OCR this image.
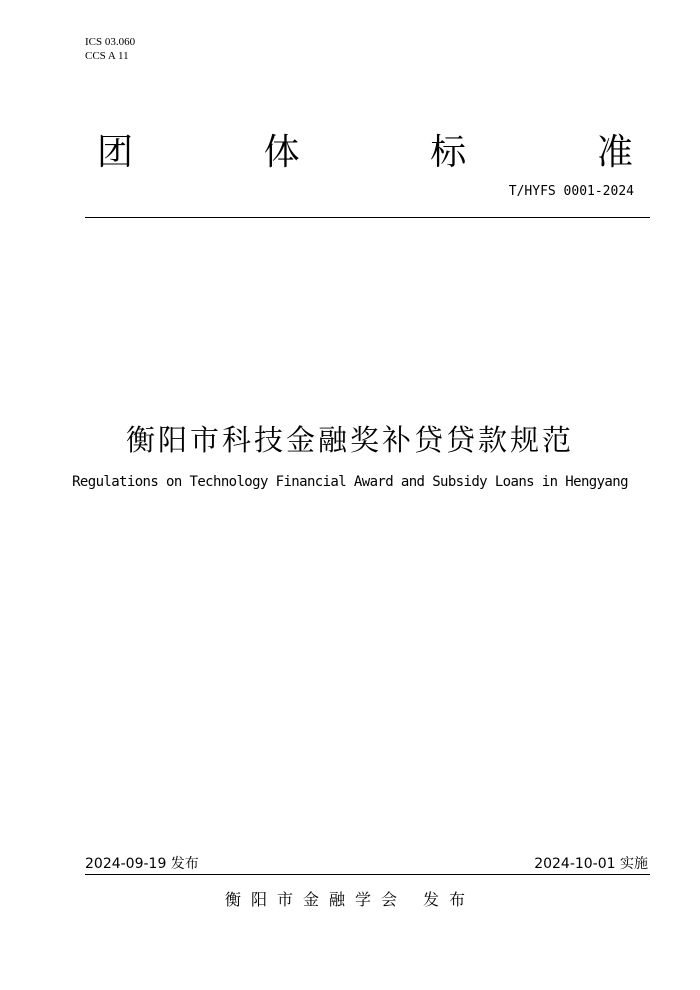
ICS 03.060
CCS A 11
团	体	标	准
T/HYFS 0001-2024
衡阳市科技金融奖补贷贷款规范
Regulations on Technology Financial Award and Subsidy Loans in Hengyang
2024-09-19 发布	2024-10-01 实施
衡阳市金融学会 发布
